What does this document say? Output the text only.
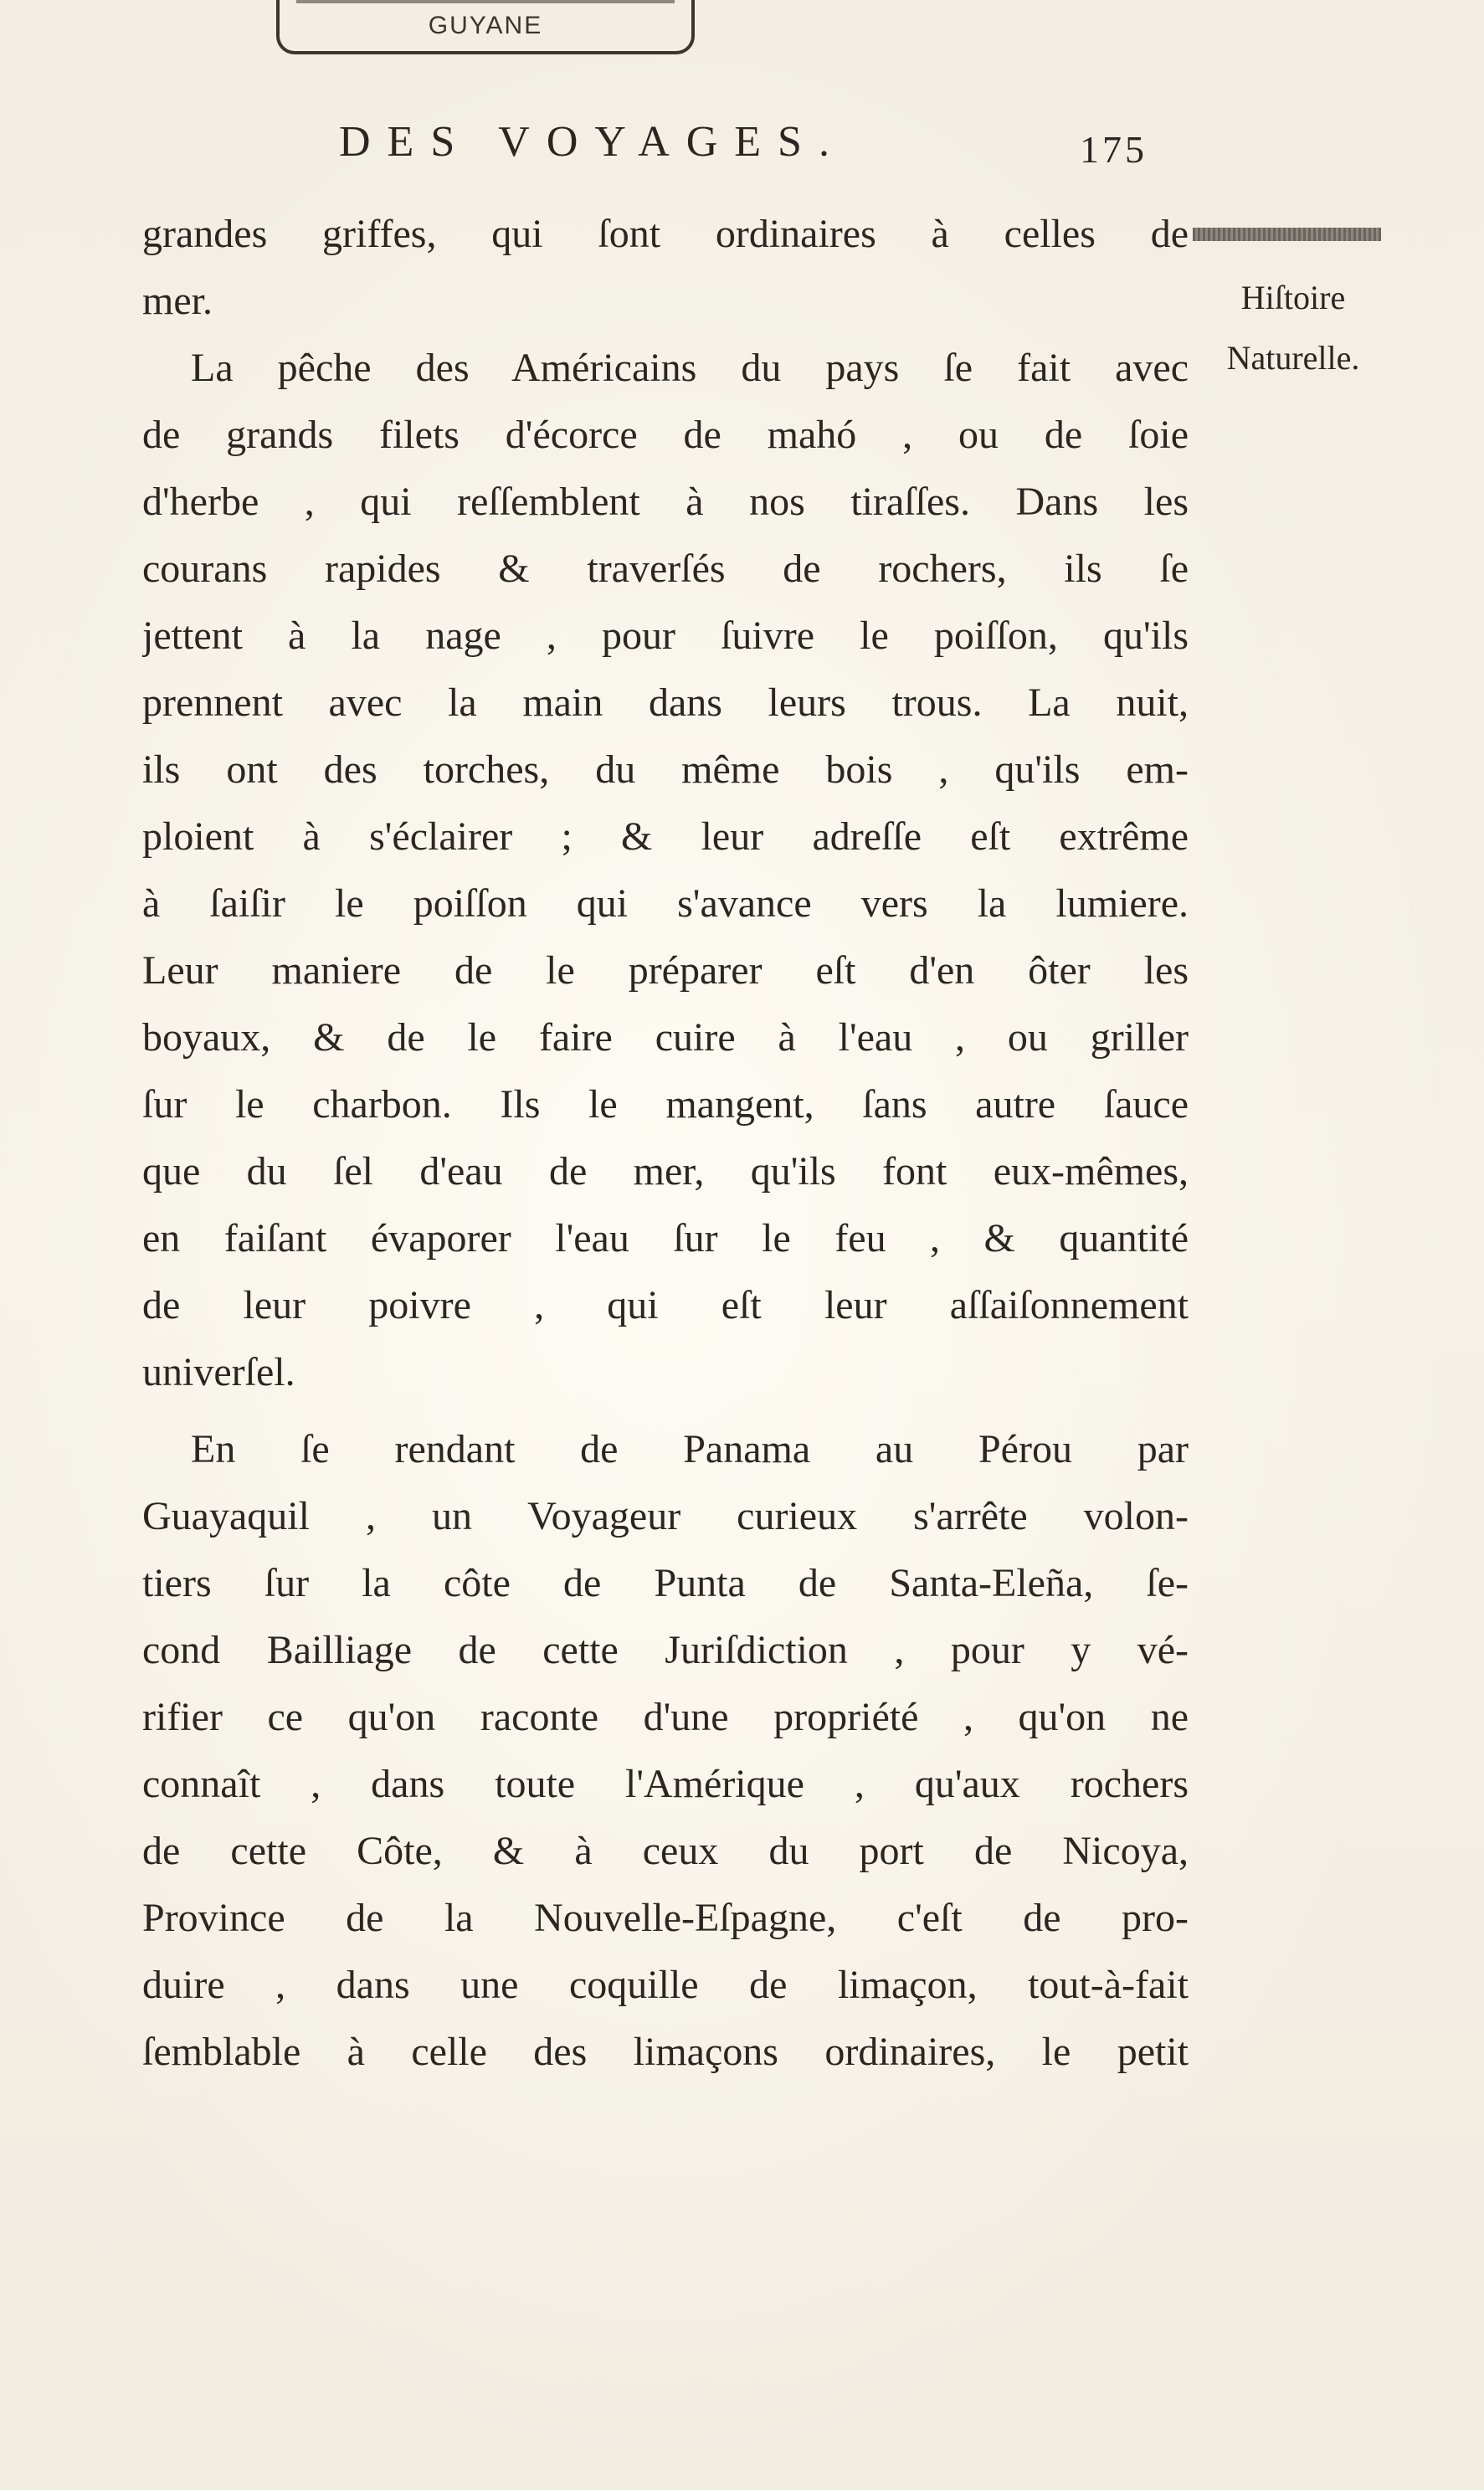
GUYANE
DES VOYAGES.	175
Hiſtoire
Naturelle.
grandes griffes, qui ſont ordinaires à celles de
mer.
La pêche des Américains du pays ſe fait avec
de grands filets d'écorce de mahó , ou de ſoie
d'herbe , qui reſſemblent à nos tiraſſes. Dans les
courans rapides & traverſés de rochers, ils ſe
jettent à la nage , pour ſuivre le poiſſon, qu'ils
prennent avec la main dans leurs trous. La nuit,
ils ont des torches, du même bois , qu'ils em-
ploient à s'éclairer ; & leur adreſſe eſt extrême
à ſaiſir le poiſſon qui s'avance vers la lumiere.
Leur maniere de le préparer eſt d'en ôter les
boyaux, & de le faire cuire à l'eau , ou griller
ſur le charbon. Ils le mangent, ſans autre ſauce
que du ſel d'eau de mer, qu'ils font eux-mêmes,
en faiſant évaporer l'eau ſur le feu , & quantité
de leur poivre , qui eſt leur aſſaiſonnement
univerſel.
En ſe rendant de Panama au Pérou par
Guayaquil , un Voyageur curieux s'arrête volon-
tiers ſur la côte de Punta de Santa-Eleña, ſe-
cond Bailliage de cette Juriſdiction , pour y vé-
rifier ce qu'on raconte d'une propriété , qu'on ne
connaît , dans toute l'Amérique , qu'aux rochers
de cette Côte, & à ceux du port de Nicoya,
Province de la Nouvelle-Eſpagne, c'eſt de pro-
duire , dans une coquille de limaçon, tout-à-fait
ſemblable à celle des limaçons ordinaires, le petit
